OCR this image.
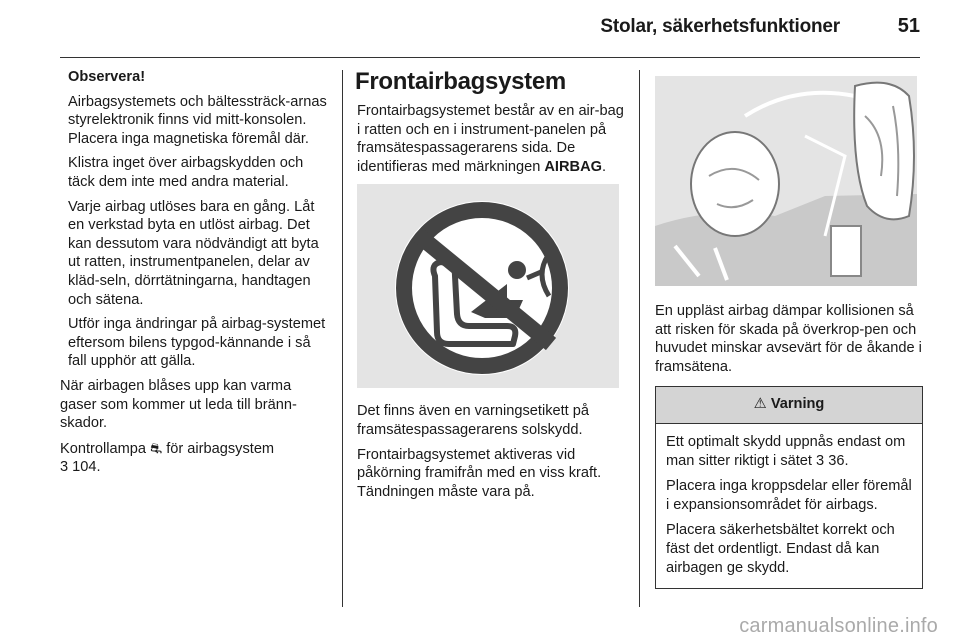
Stolar, säkerhetsfunktioner	51

Observera!

Airbagsystemets och bältessträck-arnas styrelektronik finns vid mitt-konsolen. Placera inga magnetiska föremål där.

Klistra inget över airbagskydden och täck dem inte med andra material.

Varje airbag utlöses bara en gång. Låt en verkstad byta en utlöst airbag. Det kan dessutom vara nödvändigt att byta ut ratten, instrumentpanelen, delar av kläd-seln, dörrtätningarna, handtagen och sätena.

Utför inga ändringar på airbag-systemet eftersom bilens typgod-kännande i så fall upphör att gälla.

När airbagen blåses upp kan varma gaser som kommer ut leda till bränn-skador.

Kontrollampa ⛐ för airbagsystem
3 104.

Frontairbagsystem

Frontairbagsystemet består av en air-bag i ratten och en i instrument-panelen på framsätespassagerarens sida. De identifieras med märkningen AIRBAG.

Det finns även en varningsetikett på framsätespassagerarens solskydd.

Frontairbagsystemet aktiveras vid påkörning framifrån med en viss kraft. Tändningen måste vara på.

En uppläst airbag dämpar kollisionen så att risken för skada på överkrop-pen och huvudet minskar avsevärt för de åkande i framsätena.

⚠ Varning

Ett optimalt skydd uppnås endast om man sitter riktigt i sätet 3 36.

Placera inga kroppsdelar eller föremål i expansionsområdet för airbags.

Placera säkerhetsbältet korrekt och fäst det ordentligt. Endast då kan airbagen ge skydd.

carmanualsonline.info
